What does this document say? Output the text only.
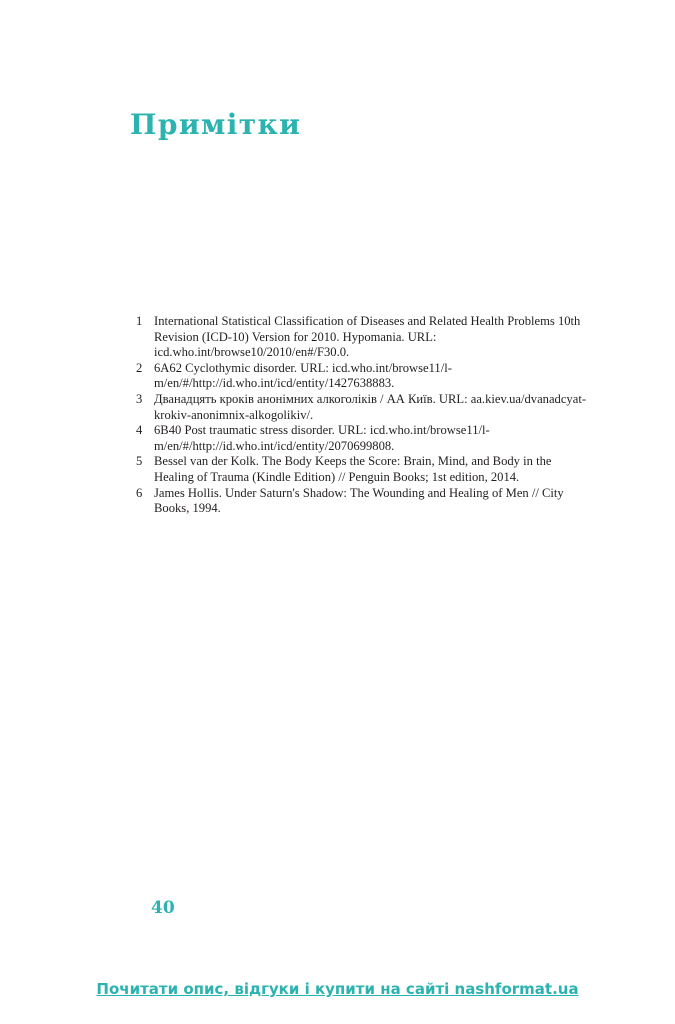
Примітки
1 International Statistical Classification of Diseases and Related Health Problems 10th Revision (ICD-10) Version for 2010. Hypomania. URL: icd.who.int/browse10/2010/en#/F30.0.
2 6A62 Cyclothymic disorder. URL: icd.who.int/browse11/l-m/en/#/http://id.who.int/icd/entity/1427638883.
3 Дванадцять кроків анонімних алкоголіків / АА Київ. URL: aa.kiev.ua/dvanadcyat-krokiv-anonimnix-alkogolikiv/.
4 6B40 Post traumatic stress disorder. URL: icd.who.int/browse11/l-m/en/#/http://id.who.int/icd/entity/2070699808.
5 Bessel van der Kolk. The Body Keeps the Score: Brain, Mind, and Body in the Healing of Trauma (Kindle Edition) // Penguin Books; 1st edition, 2014.
6 James Hollis. Under Saturn's Shadow: The Wounding and Healing of Men // City Books, 1994.
40
Почитати опис, відгуки і купити на сайті nashformat.ua
